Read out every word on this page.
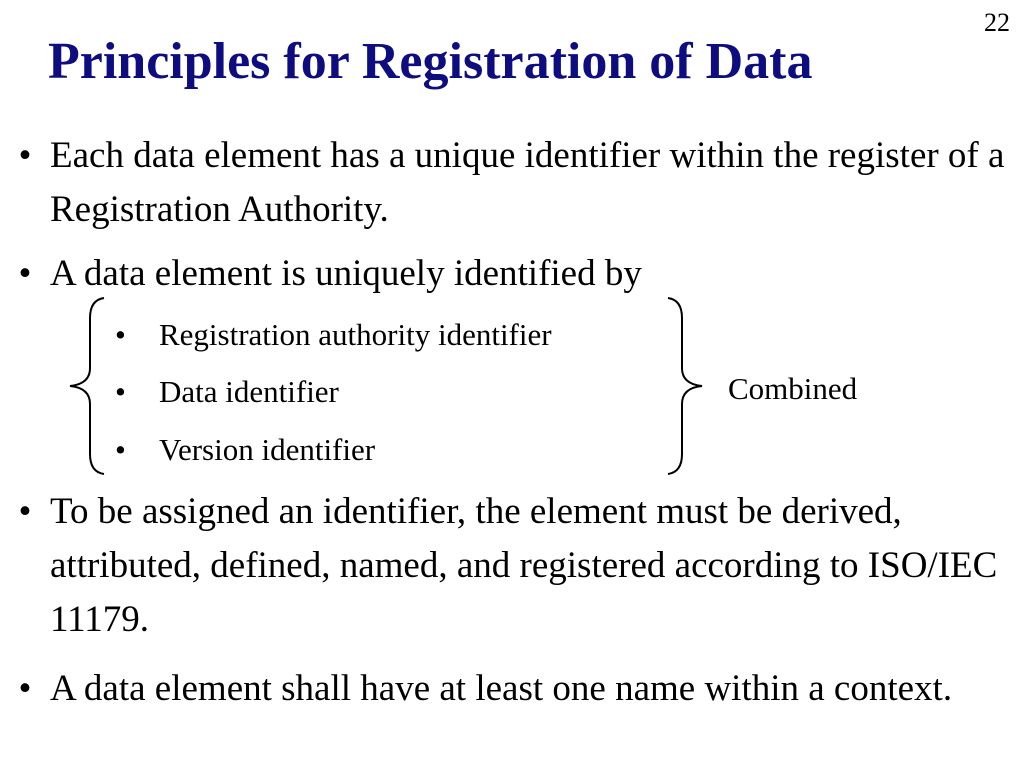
22
Principles for Registration of Data
• Each data element has a unique identifier within the register of a Registration Authority.
• A data element is uniquely identified by
• Registration authority identifier
• Data identifier
• Version identifier
Combined
• To be assigned an identifier, the element must be derived, attributed, defined, named, and registered according to ISO/IEC 11179.
• A data element shall have at least one name within a context.
